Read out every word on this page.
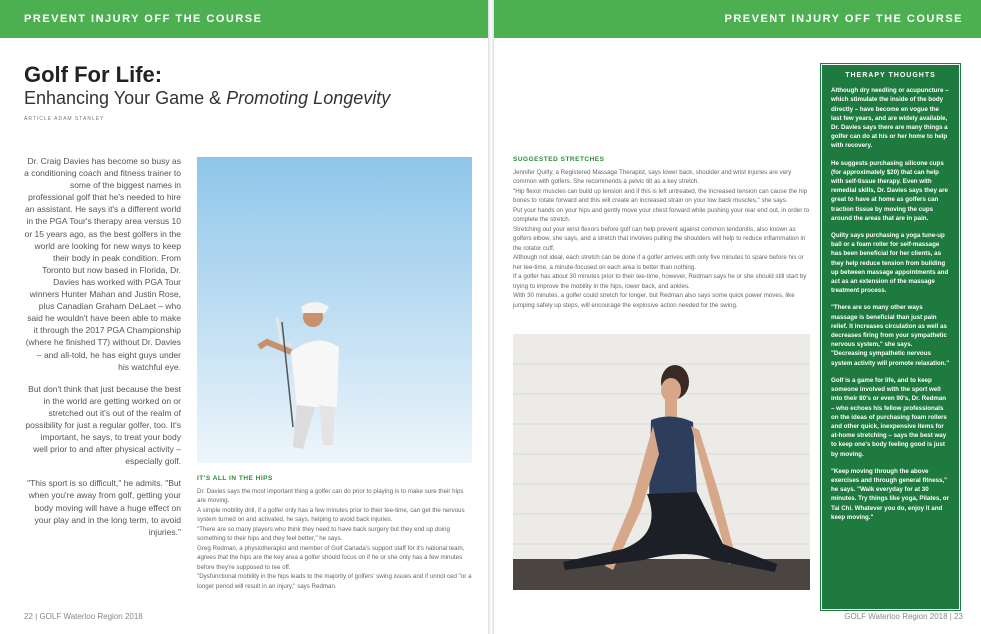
PREVENT INJURY OFF THE COURSE	PREVENT INJURY OFF THE COURSE
Golf For Life:
Enhancing Your Game & Promoting Longevity
ARTICLE ADAM STANLEY

Dr. Craig Davies has become so busy as a conditioning coach and fitness trainer to some of the biggest names in professional golf that he's needed to hire an assistant. He says it's a different world in the PGA Tour's therapy area versus 10 or 15 years ago, as the best golfers in the world are looking for new ways to keep their body in peak condition. From Toronto but now based in Florida, Dr. Davies has worked with PGA Tour winners Hunter Mahan and Justin Rose, plus Canadian Graham DeLaet – who said he wouldn't have been able to make it through the 2017 PGA Championship (where he finished T7) without Dr. Davies – and all-told, he has eight guys under his watchful eye.

But don't think that just because the best in the world are getting worked on or stretched out it's out of the realm of possibility for just a regular golfer, too. It's important, he says, to treat your body well prior to and after physical activity – especially golf.

"This sport is so difficult," he admits. "But when you're away from golf, getting your body moving will have a huge effect on your play and in the long term, to avoid injuries."

IT'S ALL IN THE HIPS

Dr. Davies says the most important thing a golfer can do prior to playing is to make sure their hips are moving.

A simple mobility drill, if a golfer only has a few minutes prior to their tee-time, can get the nervous system turned on and activated, he says, helping to avoid back injuries.

"There are so many players who think they need to have back surgery but they end up doing something to their hips and they feel better," he says.

Greg Redman, a physiotherapist and member of Golf Canada's support staff for it's national team, agrees that the hips are the key area a golfer should focus on if he or she only has a few minutes before they're supposed to tee off.

"Dysfunctional mobility in the hips leads to the majority of golfers' swing issues and if unnot ced "or a longer period will result in an injury," says Redman.

SUGGESTED STRETCHES

Jennifer Quilty, a Registered Massage Therapist, says lower back, shoulder and wrist injuries are very common with golfers. She recommends a pelvic tilt as a key stretch.

"Hip flexor muscles can build up tension and if this is left untreated, the increased tension can cause the hip bones to rotate forward and this will create an increased strain on your low back muscles," she says.

Put your hands on your hips and gently move your chest forward while pushing your rear end out, in order to complete the stretch.

Stretching out your wrist flexors before golf can help prevent against common tendonitis, also known as golfers elbow, she says, and a stretch that involves pulling the shoulders will help to reduce inflammation in the rotator cuff.

Although not ideal, each stretch can be done if a golfer arrives with only five minutes to spare before his or her tee-time, a minute-focused on each area is better than nothing.

If a golfer has about 30 minutes prior to their tee-time, however, Redman says he or she should still start by trying to improve the mobility in the hips, lower back, and ankles.

With 30 minutes, a golfer could stretch for longer, but Redman also says some quick power moves, like jumping safely up steps, will encourage the explosive action needed for the swing.

THERAPY THOUGHTS

Although dry needling or acupuncture – which stimulate the inside of the body directly – have become en vogue the last few years, and are widely available, Dr. Davies says there are many things a golfer can do at his or her home to help with recovery.

He suggests purchasing silicone cups (for approximately $20) that can help with self-tissue therapy. Even with remedial skills, Dr. Davies says they are great to have at home as golfers can traction tissue by moving the cups around the areas that are in pain.

Quilty says purchasing a yoga tune-up ball or a foam roller for self-massage has been beneficial for her clients, as they help reduce tension from building up between massage appointments and act as an extension of the massage treatment process.

"There are so many other ways massage is beneficial than just pain relief. It increases circulation as well as decreases firing from your sympathetic nervous system," she says. "Decreasing sympathetic nervous system activity will promote relaxation."

Golf is a game for life, and to keep someone involved with the sport well into their 80's or even 90's, Dr. Redman – who echoes his fellow professionals on the ideas of purchasing foam rollers and other quick, inexpensive items for at-home stretching – says the best way to keep one's body feeling good is just by moving.

"Keep moving through the above exercises and through general fitness," he says. "Walk everyday for at 30 minutes. Try things like yoga, Pilates, or Tai Chi. Whatever you do, enjoy it and keep moving."

22 | GOLF Waterloo Region 2018	GOLF Waterloo Region 2018 | 23
